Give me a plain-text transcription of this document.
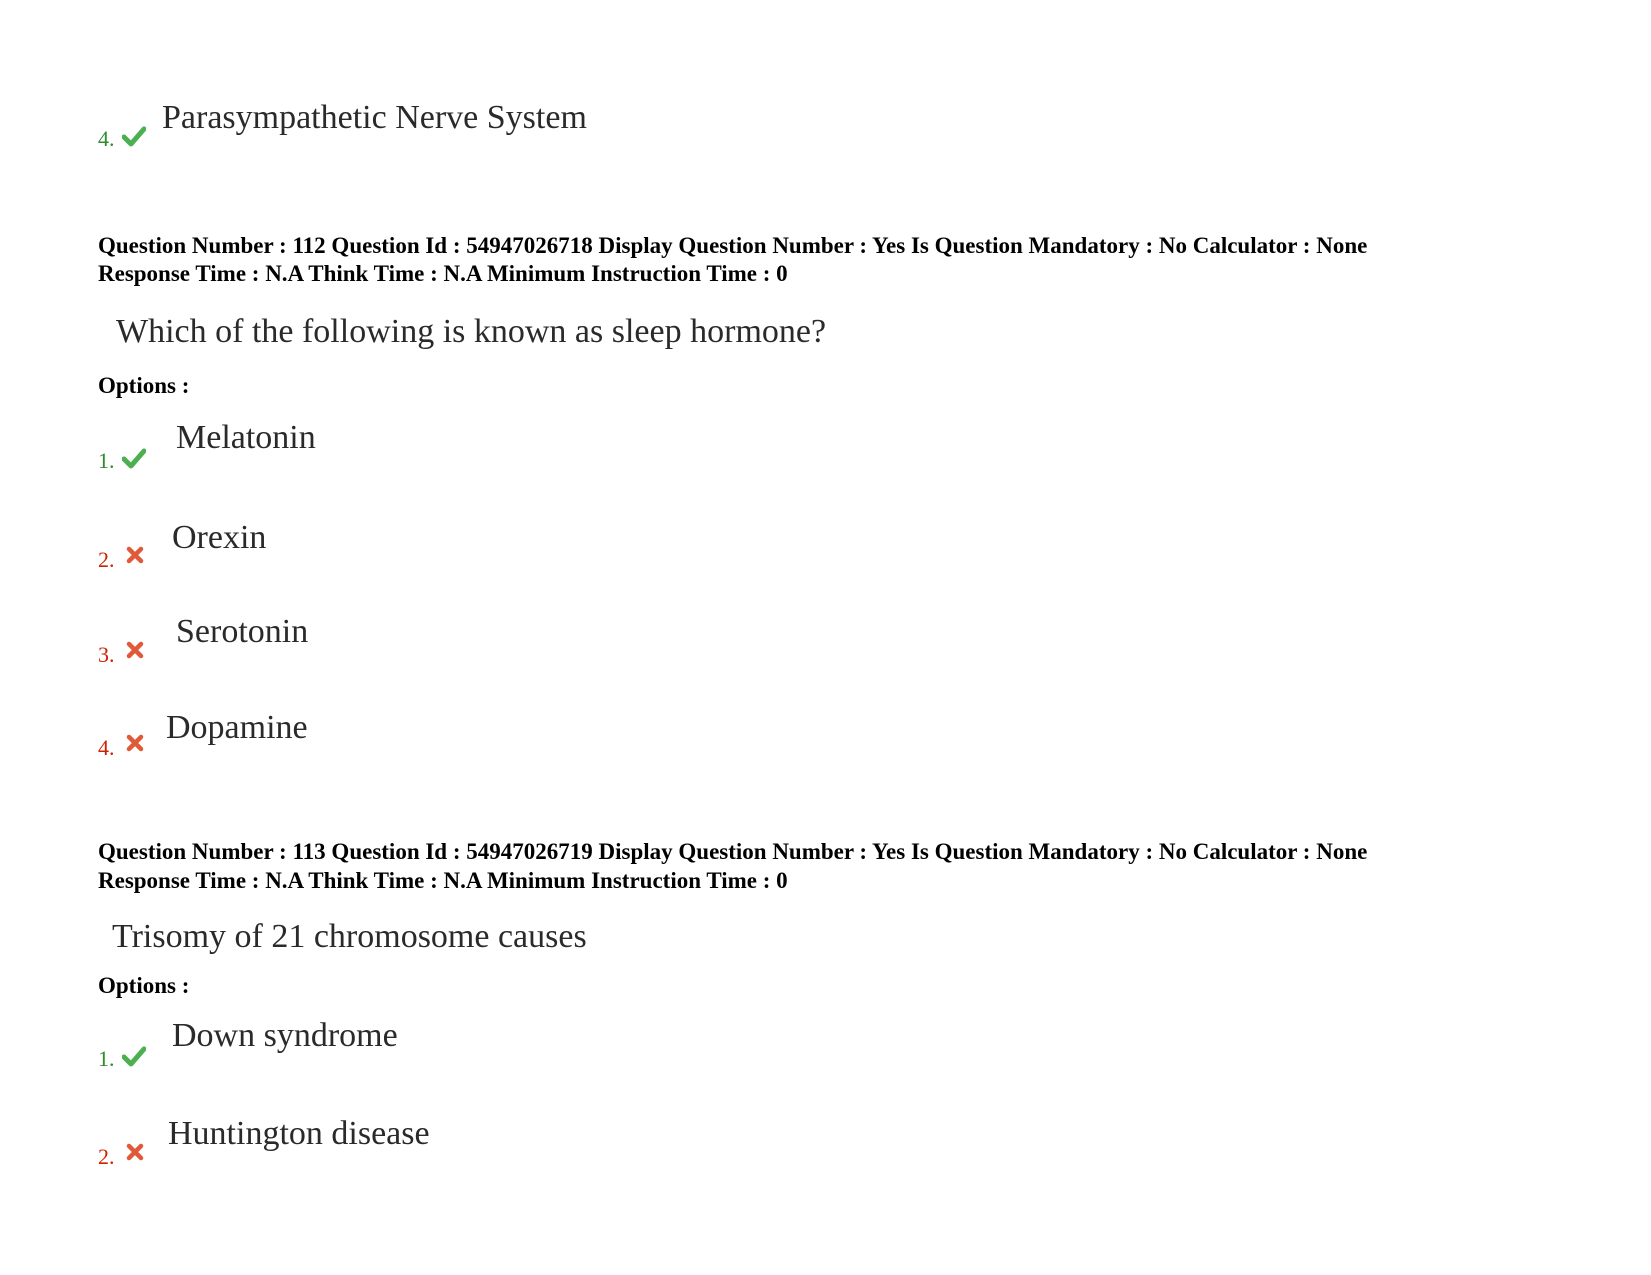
4.
Parasympathetic Nerve System
Question Number : 112 Question Id : 54947026718 Display Question Number : Yes Is Question Mandatory : No Calculator : None
Response Time : N.A Think Time : N.A Minimum Instruction Time : 0
Which of the following is known as sleep hormone?
Options :
1.
Melatonin
2.
Orexin
3.
Serotonin
4.
Dopamine
Question Number : 113 Question Id : 54947026719 Display Question Number : Yes Is Question Mandatory : No Calculator : None
Response Time : N.A Think Time : N.A Minimum Instruction Time : 0
Trisomy of 21 chromosome causes
Options :
1.
Down syndrome
2.
Huntington disease
